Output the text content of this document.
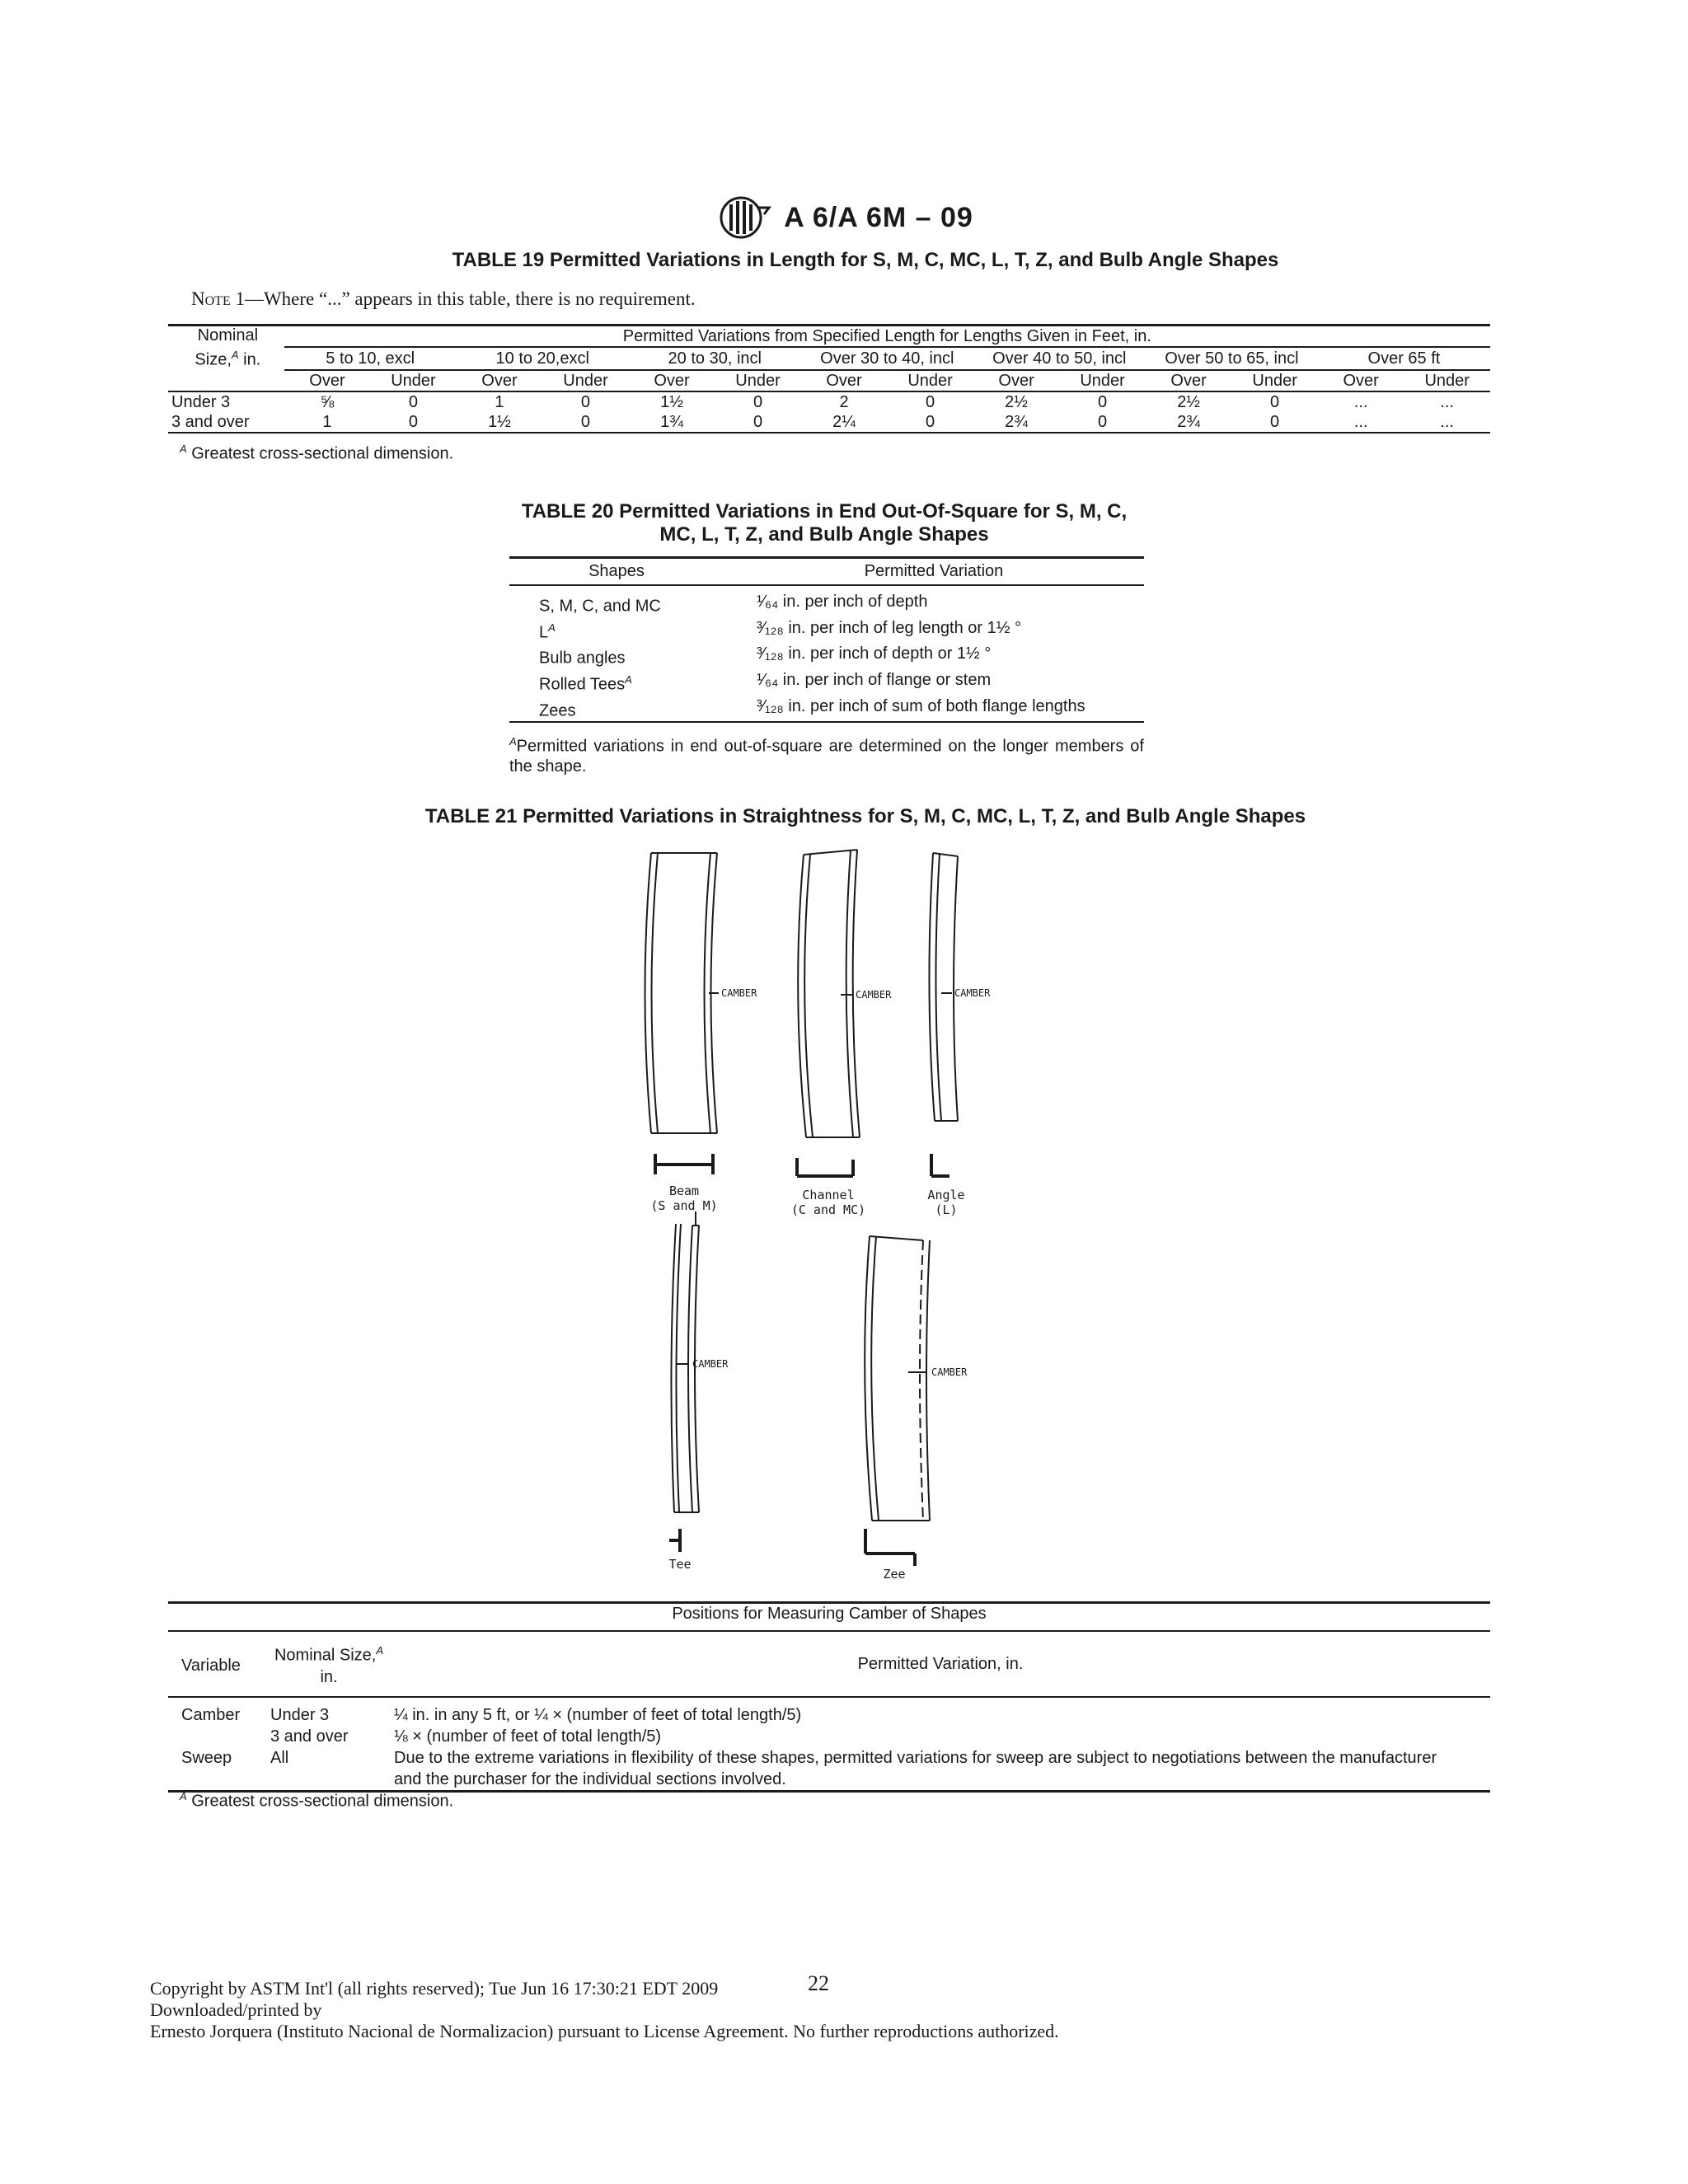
A 6/A 6M – 09
TABLE 19 Permitted Variations in Length for S, M, C, MC, L, T, Z, and Bulb Angle Shapes
Note 1—Where “...” appears in this table, there is no requirement.
Nominal
Size,$^A$ in.	Permitted Variations from Specified Length for Lengths Given in Feet, in.													
	5 to 10, excl		10 to 20,excl		20 to 30, incl		Over 30 to 40, incl		Over 40 to 50, incl		Over 50 to 65, incl		Over 65 ft	
	Over	Under	Over	Under	Over	Under	Over	Under	Over	Under	Over	Under	Over	Under
Under 3	⅝	0	1	0	1½	0	2	0	2½	0	2½	0	...	...
3 and over	1	0	1½	0	1¾	0	2¼	0	2¾	0	2¾	0	...	...
$^A$ Greatest cross-sectional dimension.
TABLE 20 Permitted Variations in End Out-Of-Square for S, M, C,
MC, L, T, Z, and Bulb Angle Shapes
Shapes	Permitted Variation

S, M, C, and MC	¹⁄₆₄ in. per inch of depth
$L^A$	³⁄₁₂₈ in. per inch of leg length or 1½ °
Bulb angles	³⁄₁₂₈ in. per inch of depth or 1½ °
Rolled Tees$^A$	¹⁄₆₄ in. per inch of flange or stem
Zees	³⁄₁₂₈ in. per inch of sum of both flange lengths
$^A$Permitted variations in end out-of-square are determined on the longer members of the shape.
TABLE 21 Permitted Variations in Straightness for S, M, C, MC, L, T, Z, and Bulb Angle Shapes
CAMBER	CAMBER	CAMBER
CAMBER
CAMBER
Beam
(S and M)
Channel
(C and MC)
Angle
(L)
Tee
Zee
Positions for Measuring Camber of Shapes
Variable	Nominal Size,$^A$
in.	Permitted Variation, in.

Camber	Under 3	¼ in. in any 5 ft, or ¼ × (number of feet of total length/5)
	3 and over	⅛ × (number of feet of total length/5)
Sweep	All	Due to the extreme variations in flexibility of these shapes, permitted variations for sweep are subject to negotiations between the manufacturer and the purchaser for the individual sections involved.
$^A$ Greatest cross-sectional dimension.
22
Copyright by ASTM Int'l (all rights reserved); Tue Jun 16 17:30:21 EDT 2009
Downloaded/printed by
Ernesto Jorquera (Instituto Nacional de Normalizacion) pursuant to License Agreement. No further reproductions authorized.
